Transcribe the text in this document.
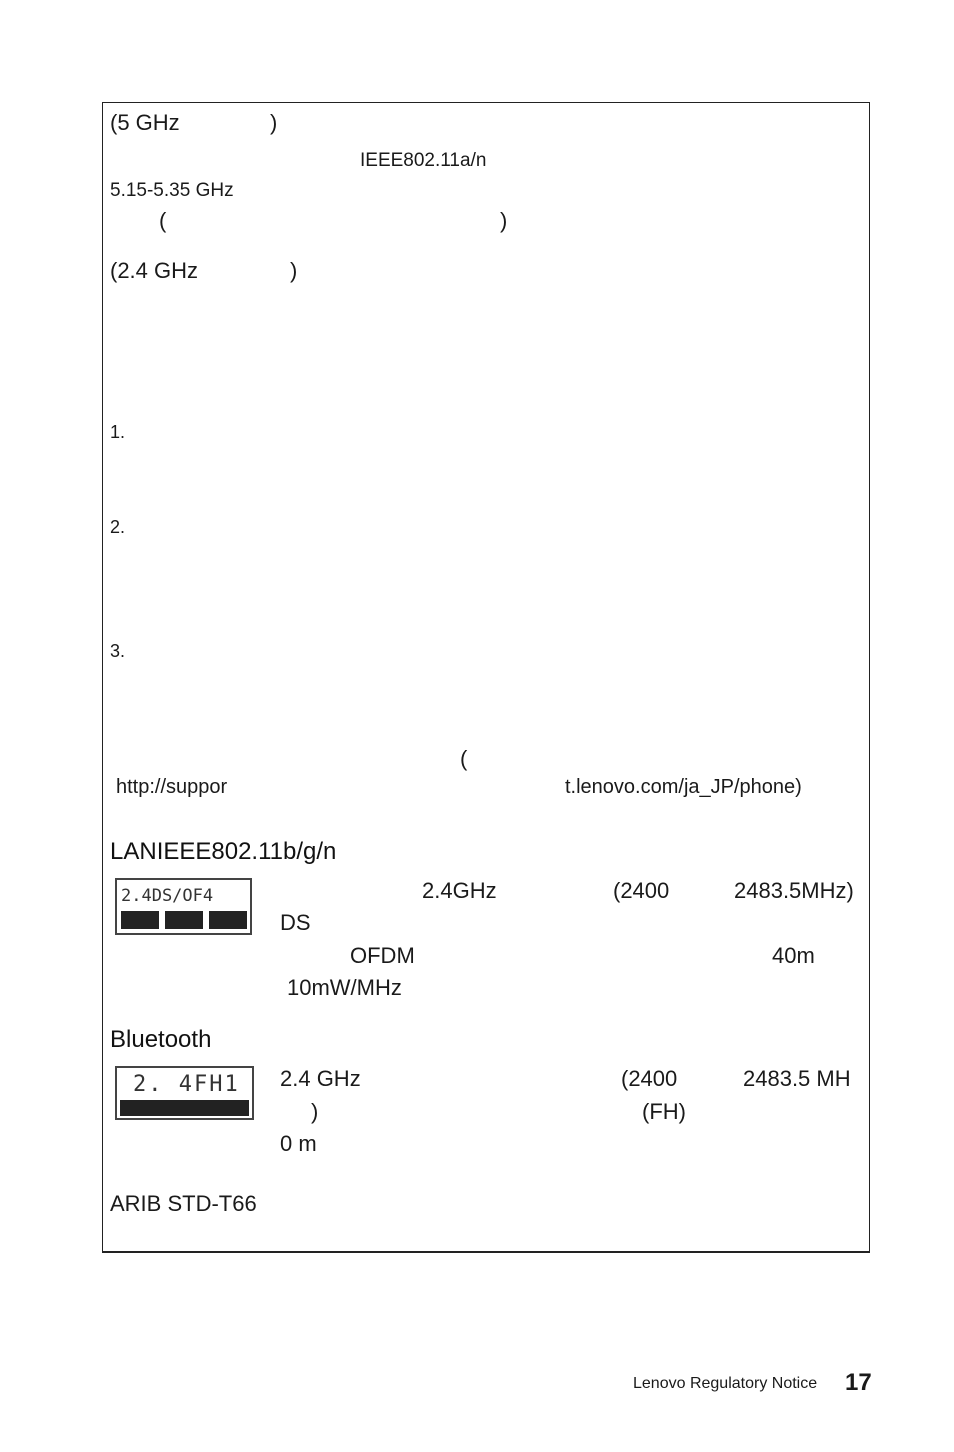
(5 GHz	)
IEEE802.11a/n
5.15-5.35 GHz
(	)
(2.4 GHz	)
1.
2.
3.
(
http://suppor	t.lenovo.com/ja_JP/phone)
LANIEEE802.11b/g/n
2.4DS/OF4	2.4GHz	(2400	2483.5MHz)
DS
OFDM	40m
10mW/MHz
Bluetooth
2. 4FH1 2.4 GHz	(2400	2483.5 MH
)	(FH)
0 m
ARIB STD-T66
Lenovo Regulatory Notice 17
